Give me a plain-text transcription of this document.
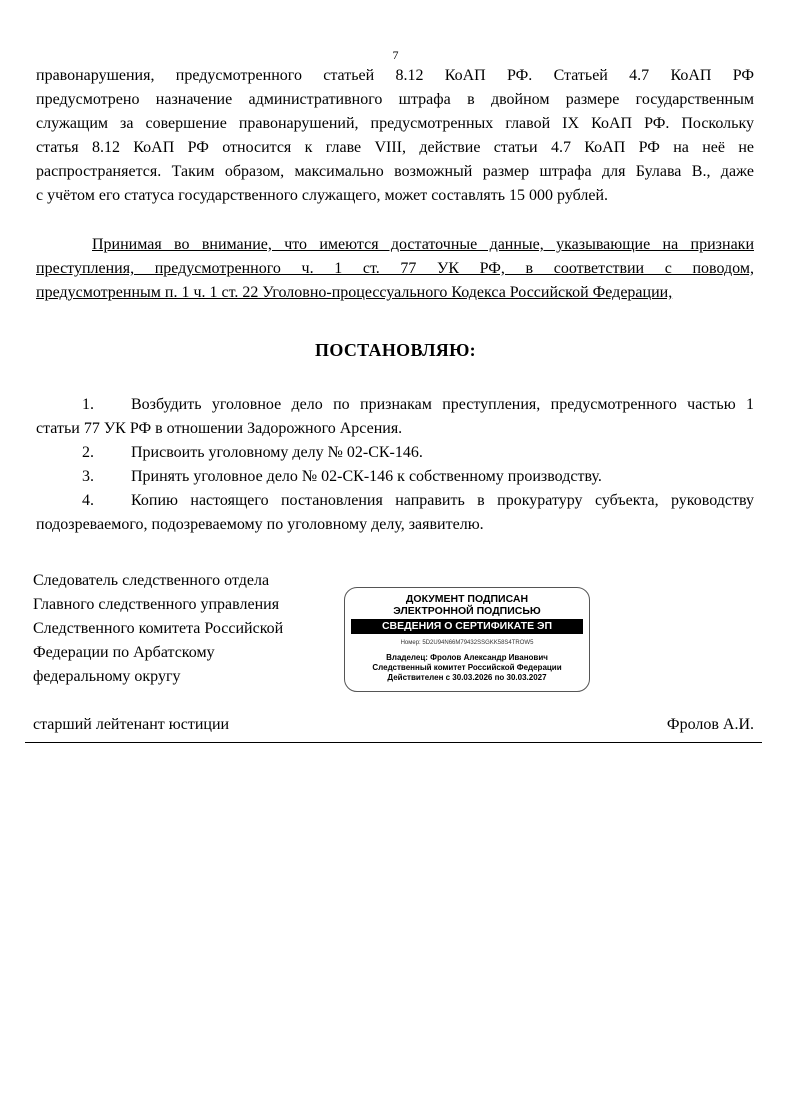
7
правонарушения, предусмотренного статьей 8.12 КоАП РФ. Статьей 4.7 КоАП РФ
предусмотрено назначение административного штрафа в двойном размере государственным
служащим за совершение правонарушений, предусмотренных главой IX КоАП РФ. Поскольку
статья 8.12 КоАП РФ относится к главе VIII, действие статьи 4.7 КоАП РФ на неё не
распространяется. Таким образом, максимально возможный размер штрафа для Булава В., даже
с учётом его статуса государственного служащего, может составлять 15 000 рублей.
Принимая во внимание, что имеются достаточные данные, указывающие на признаки
преступления, предусмотренного ч. 1 ст. 77 УК РФ, в соответствии с поводом,
предусмотренным п. 1 ч. 1 ст. 22 Уголовно-процессуального Кодекса Российской Федерации,
ПОСТАНОВЛЯЮ:
1.	Возбудить уголовное дело по признакам преступления, предусмотренного частью 1
статьи 77 УК РФ в отношении Задорожного Арсения.
2.	Присвоить уголовному делу № 02-СК-146.
3.	Принять уголовное дело № 02-СК-146 к собственному производству.
4.	Копию настоящего постановления направить в прокуратуру субъекта, руководству
подозреваемого, подозреваемому по уголовному делу, заявителю.
Следователь следственного отдела
Главного следственного управления
Следственного комитета Российской
Федерации по Арбатскому
федеральному округу
ДОКУМЕНТ ПОДПИСАН
ЭЛЕКТРОННОЙ ПОДПИСЬЮ
СВЕДЕНИЯ О СЕРТИФИКАТЕ ЭП
Номер: 5D2U94N66M79432SSGKK58S4TROW5
Владелец: Фролов Александр Иванович
Следственный комитет Российской Федерации
Действителен с 30.03.2026 по 30.03.2027
старший лейтенант юстиции	Фролов А.И.
